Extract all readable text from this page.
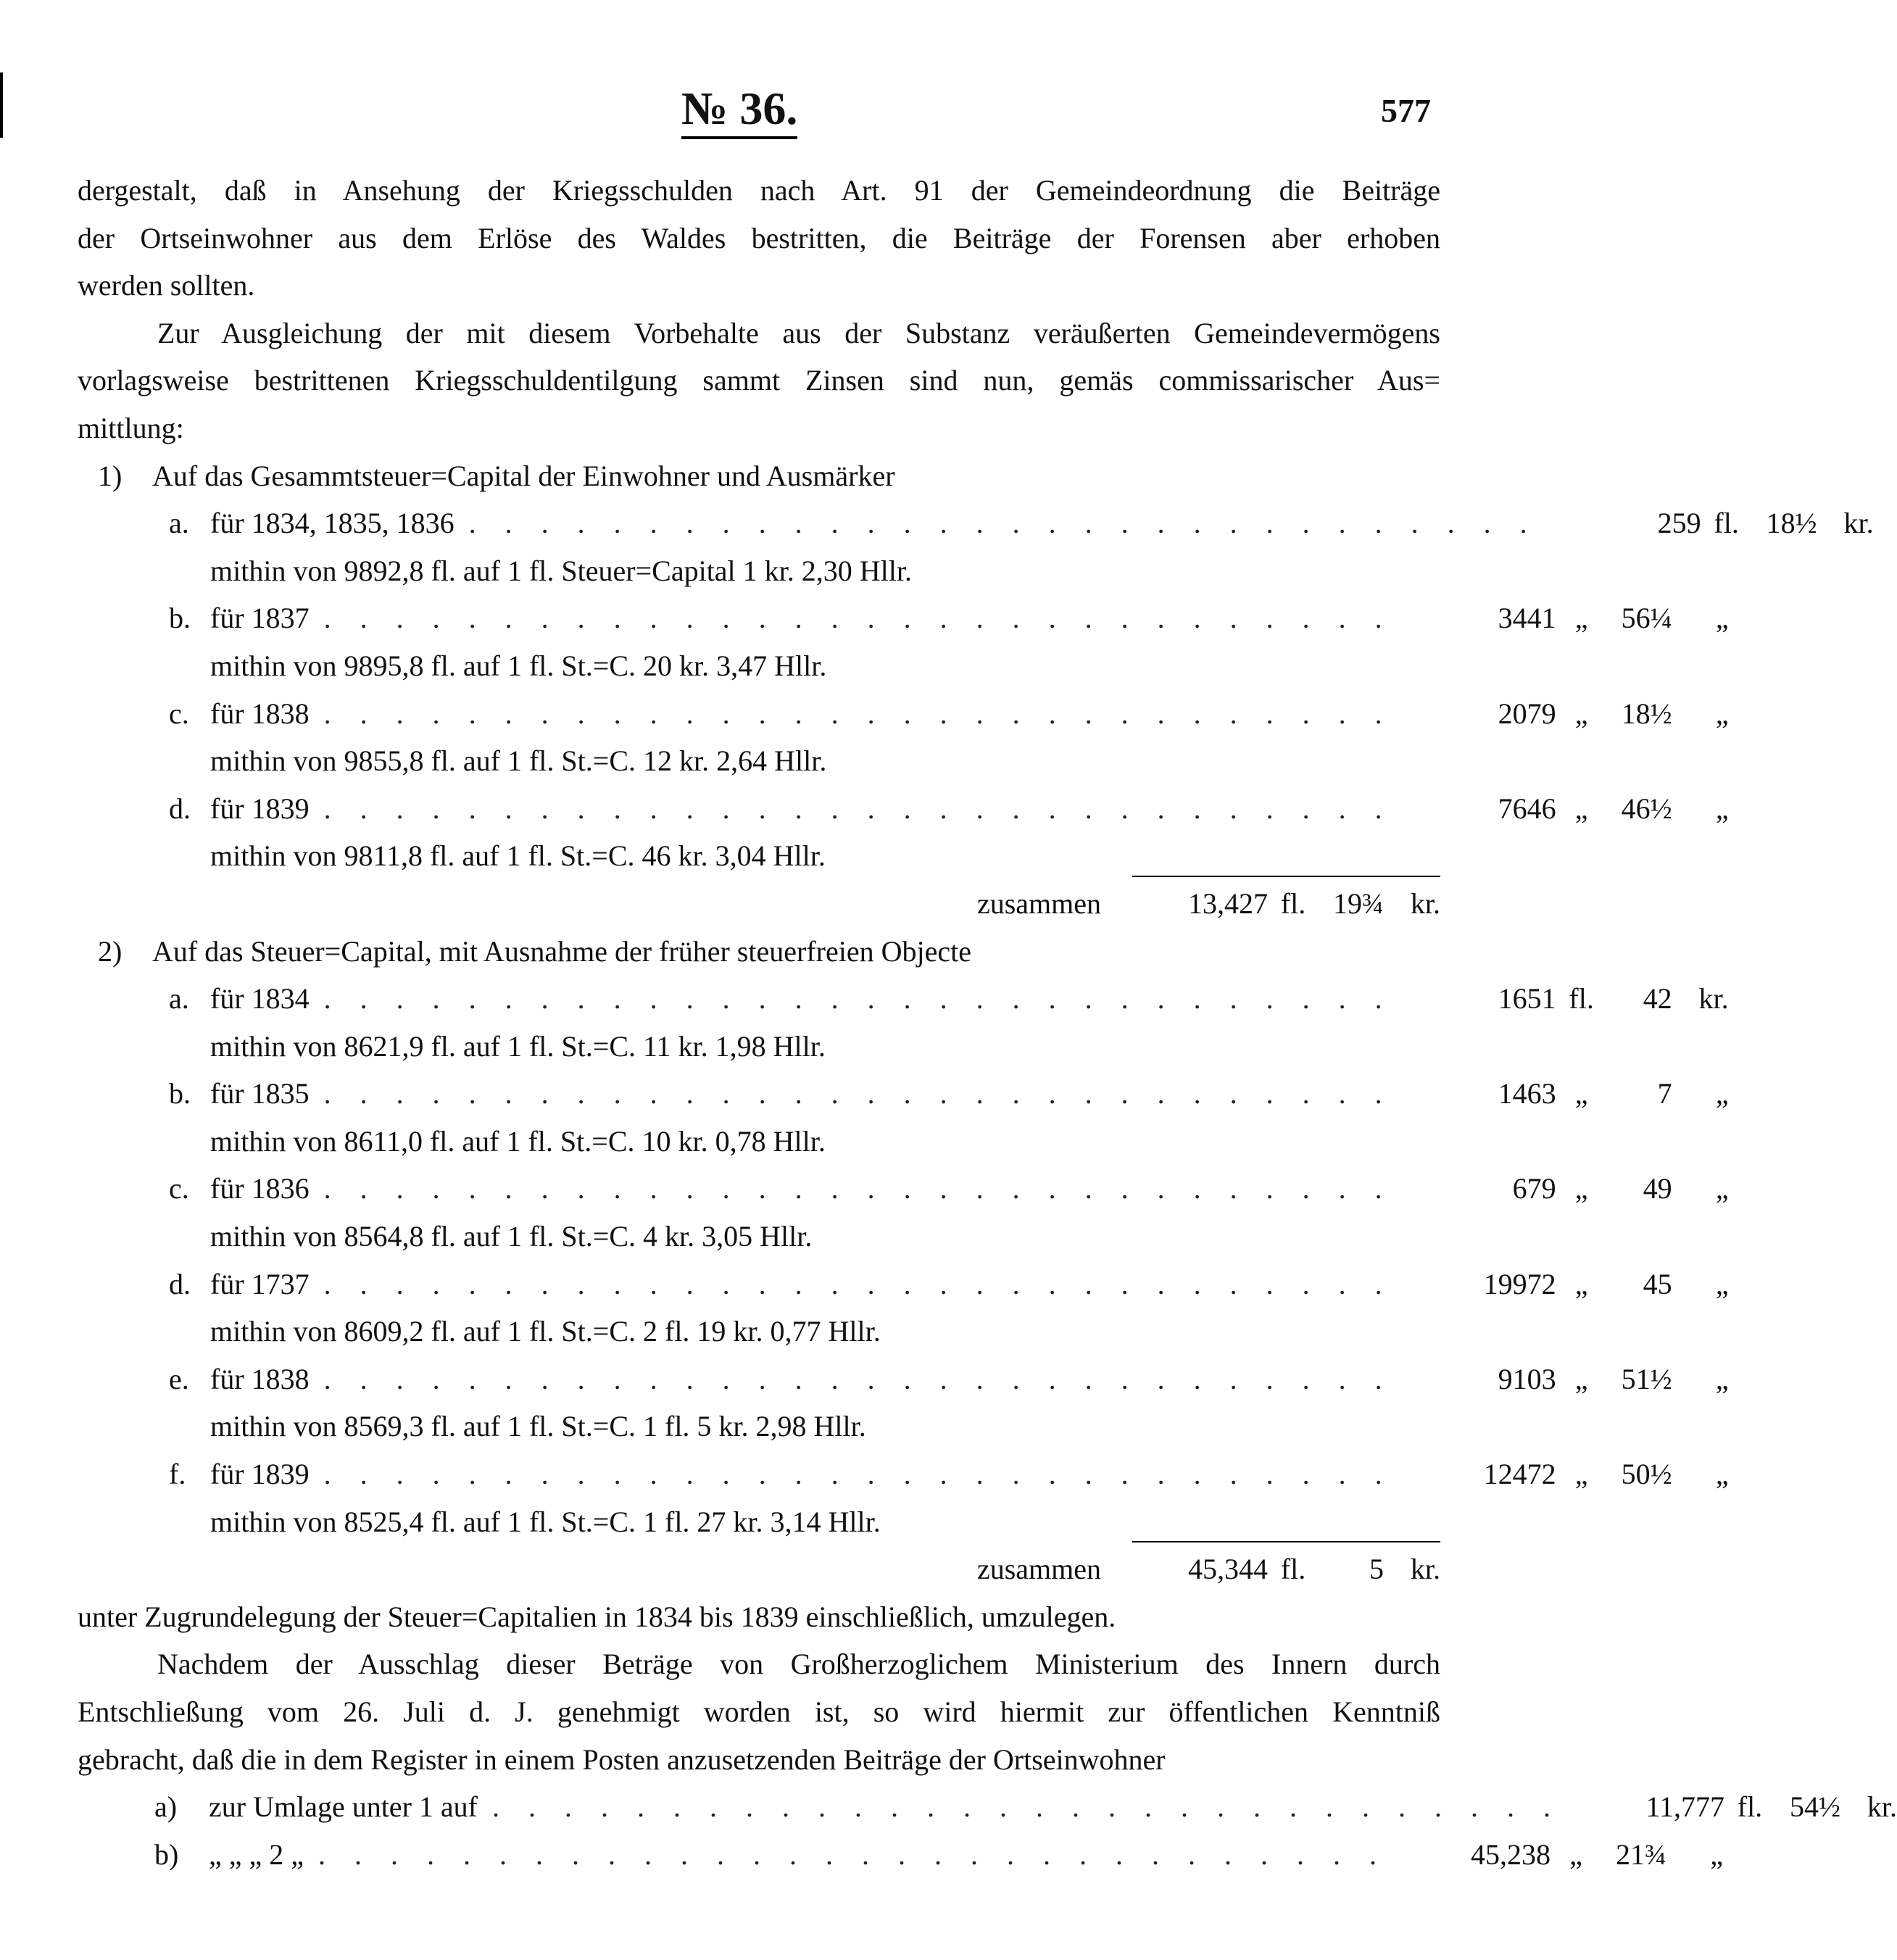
№ 36.	577
dergestalt, daß in Ansehung der Kriegsschulden nach Art. 91 der Gemeindeordnung die Beiträge
der Ortseinwohner aus dem Erlöse des Waldes bestritten, die Beiträge der Forensen aber erhoben
werden sollten.
Zur Ausgleichung der mit diesem Vorbehalte aus der Substanz veräußerten Gemeindevermögens
vorlagsweise bestrittenen Kriegsschuldentilgung sammt Zinsen sind nun, gemäs commissarischer Aus=
mittlung:
1)	Auf das Gesammtsteuer=Capital der Einwohner und Ausmärker
a. für 1834, 1835, 1836 ..............................	259 fl. 18½ kr.
mithin von 9892,8 fl. auf 1 fl. Steuer=Capital 1 kr. 2,30 Hllr.
b. für 1837 ..............................	3441 „	56¼	„
mithin von 9895,8 fl. auf 1 fl. St.=C. 20 kr. 3,47 Hllr.
c. für 1838 ..............................	2079 „	18½	„
mithin von 9855,8 fl. auf 1 fl. St.=C. 12 kr. 2,64 Hllr.
d. für 1839 ..............................	7646 „	46½	„
mithin von 9811,8 fl. auf 1 fl. St.=C. 46 kr. 3,04 Hllr.
zusammen	13,427 fl. 19¾ kr.
2)	Auf das Steuer=Capital, mit Ausnahme der früher steuerfreien Objecte
a. für 1834 ..............................	1651 fl.	42 kr.
mithin von 8621,9 fl. auf 1 fl. St.=C. 11 kr. 1,98 Hllr.
b. für 1835 ..............................	1463 „	7	„
mithin von 8611,0 fl. auf 1 fl. St.=C. 10 kr. 0,78 Hllr.
c. für 1836 ..............................	679 „	49	„
mithin von 8564,8 fl. auf 1 fl. St.=C. 4 kr. 3,05 Hllr.
d. für 1737 ..............................	19972 „	45	„
mithin von 8609,2 fl. auf 1 fl. St.=C. 2 fl. 19 kr. 0,77 Hllr.
e. für 1838 ..............................	9103 „	51½	„
mithin von 8569,3 fl. auf 1 fl. St.=C. 1 fl. 5 kr. 2,98 Hllr.
f. für 1839 ..............................	12472 „	50½	„
mithin von 8525,4 fl. auf 1 fl. St.=C. 1 fl. 27 kr. 3,14 Hllr.
zusammen	45,344 fl.	5 kr.
unter Zugrundelegung der Steuer=Capitalien in 1834 bis 1839 einschließlich, umzulegen.
Nachdem der Ausschlag dieser Beträge von Großherzoglichem Ministerium des Innern durch
Entschließung vom 26. Juli d. J. genehmigt worden ist, so wird hiermit zur öffentlichen Kenntniß
gebracht, daß die in dem Register in einem Posten anzusetzenden Beiträge der Ortseinwohner
a)	zur Umlage unter 1 auf ..............................	11,777 fl. 54½ kr.
b)	„ „ „ 2 „ ..............................	45,238 „	21¾	„
